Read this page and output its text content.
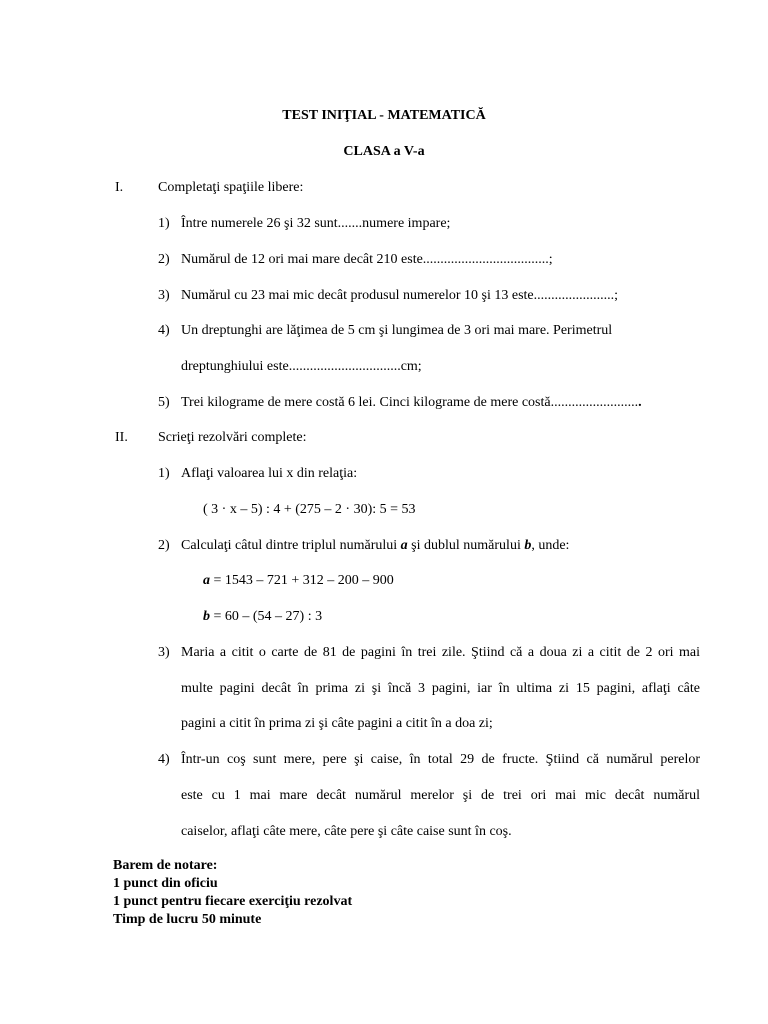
TEST INIŢIAL - MATEMATICĂ
CLASA a V-a
I. Completaţi spaţiile libere:
1) Între numerele 26 şi 32 sunt.......numere impare;
2) Numărul de 12 ori mai mare decât 210 este....................................;
3) Numărul cu 23 mai mic decât produsul numerelor 10 şi 13 este.......................;
4) Un dreptunghi are lăţimea de 5 cm şi lungimea de 3 ori mai mare. Perimetrul
dreptunghiului este................................cm;
5) Trei kilograme de mere costă 6 lei. Cinci kilograme de mere costă..........................
II. Scrieţi rezolvări complete:
1) Aflaţi valoarea lui x din relaţia:
( 3 · x – 5) : 4 + (275 – 2 · 30): 5 = 53
2) Calculaţi câtul dintre triplul numărului a şi dublul numărului b, unde:
a = 1543 – 721 + 312 – 200 – 900
b = 60 – (54 – 27) : 3
3) Maria a citit o carte de 81 de pagini în trei zile. Ştiind că a doua zi a citit de 2 ori mai
multe pagini decât în prima zi şi încă 3 pagini, iar în ultima zi 15 pagini, aflaţi câte
pagini a citit în prima zi şi câte pagini a citit în a doa zi;
4) Într-un coş sunt mere, pere şi caise, în total 29 de fructe. Ştiind că numărul perelor
este cu 1 mai mare decât numărul merelor şi de trei ori mai mic decât numărul
caiselor, aflaţi câte mere, câte pere şi câte caise sunt în coş.
Barem de notare:
1 punct din oficiu
1 punct pentru fiecare exerciţiu rezolvat
Timp de lucru 50 minute
